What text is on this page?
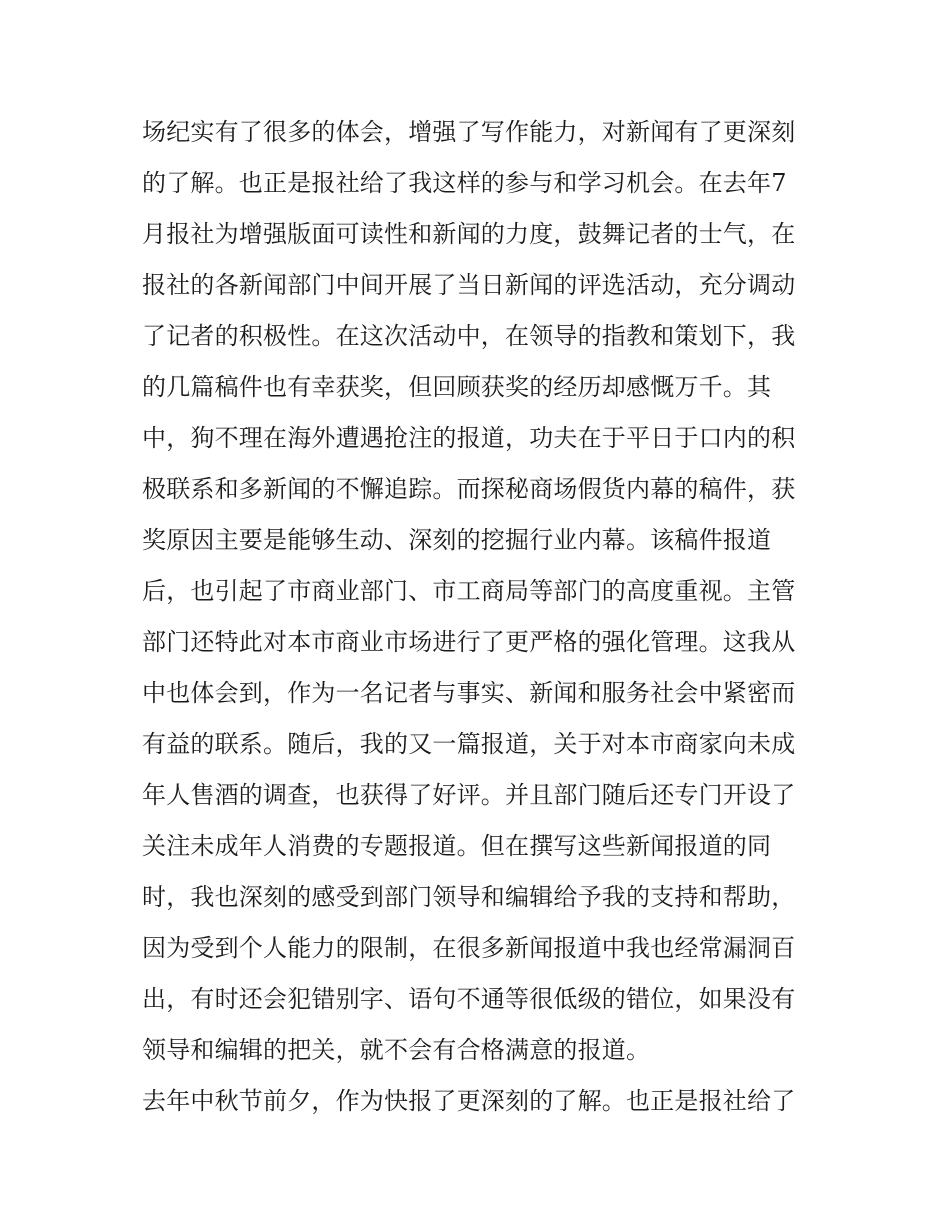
场纪实有了很多的体会，增强了写作能力，对新闻有了更深刻
的了解。也正是报社给了我这样的参与和学习机会。在去年7
月报社为增强版面可读性和新闻的力度，鼓舞记者的士气，在
报社的各新闻部门中间开展了当日新闻的评选活动，充分调动
了记者的积极性。在这次活动中，在领导的指教和策划下，我
的几篇稿件也有幸获奖，但回顾获奖的经历却感慨万千。其
中，狗不理在海外遭遇抢注的报道，功夫在于平日于口内的积
极联系和多新闻的不懈追踪。而探秘商场假货内幕的稿件，获
奖原因主要是能够生动、深刻的挖掘行业内幕。该稿件报道
后，也引起了市商业部门、市工商局等部门的高度重视。主管
部门还特此对本市商业市场进行了更严格的强化管理。这我从
中也体会到，作为一名记者与事实、新闻和服务社会中紧密而
有益的联系。随后，我的又一篇报道，关于对本市商家向未成
年人售酒的调查，也获得了好评。并且部门随后还专门开设了
关注未成年人消费的专题报道。但在撰写这些新闻报道的同
时，我也深刻的感受到部门领导和编辑给予我的支持和帮助，
因为受到个人能力的限制，在很多新闻报道中我也经常漏洞百
出，有时还会犯错别字、语句不通等很低级的错位，如果没有
领导和编辑的把关，就不会有合格满意的报道。
去年中秋节前夕，作为快报了更深刻的了解。也正是报社给了
